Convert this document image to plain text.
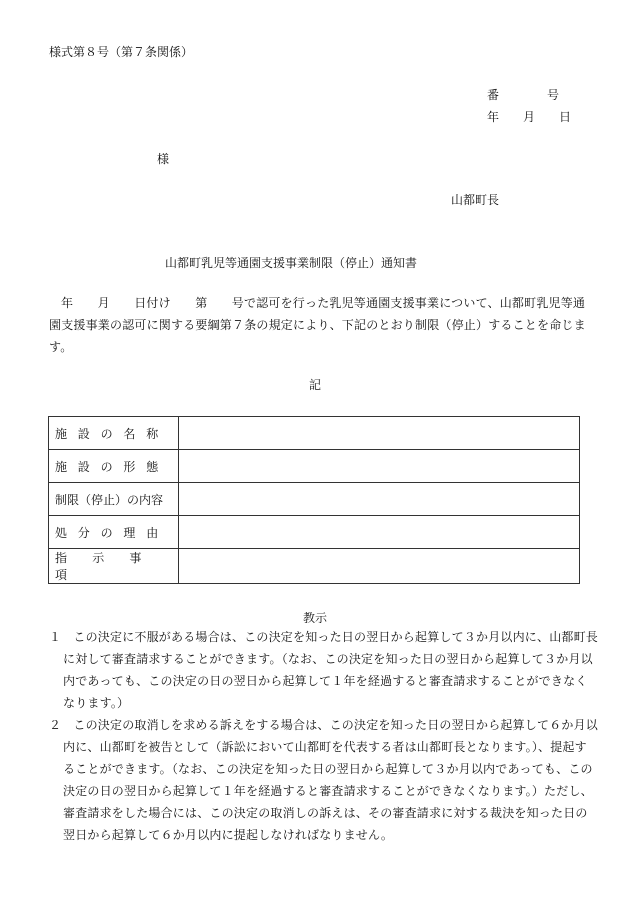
様式第８号（第７条関係）
番　　　　号
年　　月　　日
様
山都町長
山都町乳児等通園支援事業制限（停止）通知書
年　　月　　日付け　　第　　号で認可を行った乳児等通園支援事業について、山都町乳児等通園支援事業の認可に関する要綱第７条の規定により、下記のとおり制限（停止）することを命じます。
記
施設の名称	
施設の形態	
制限（停止）の内容	
処分の理由	
指示事項	
教示
１　この決定に不服がある場合は、この決定を知った日の翌日から起算して３か月以内に、山都町長に対して審査請求することができます。（なお、この決定を知った日の翌日から起算して３か月以内であっても、この決定の日の翌日から起算して１年を経過すると審査請求することができなくなります。）
２　この決定の取消しを求める訴えをする場合は、この決定を知った日の翌日から起算して６か月以内に、山都町を被告として（訴訟において山都町を代表する者は山都町長となります。）、提起することができます。（なお、この決定を知った日の翌日から起算して３か月以内であっても、この決定の日の翌日から起算して１年を経過すると審査請求することができなくなります。）ただし、審査請求をした場合には、この決定の取消しの訴えは、その審査請求に対する裁決を知った日の翌日から起算して６か月以内に提起しなければなりません。
